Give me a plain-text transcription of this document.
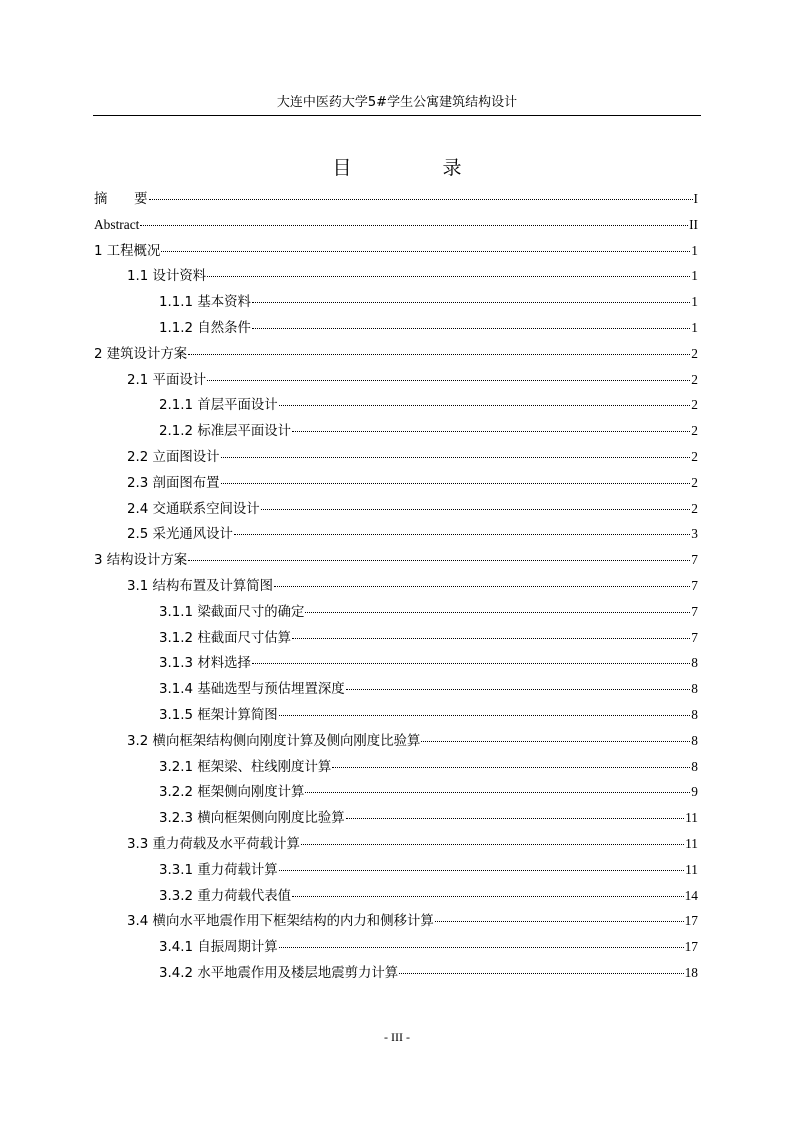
大连中医药大学5#学生公寓建筑结构设计
目　录
摘　　要	I
Abstract	II
1 工程概况	1
1.1 设计资料	1
1.1.1 基本资料	1
1.1.2 自然条件	1
2 建筑设计方案	2
2.1 平面设计	2
2.1.1 首层平面设计	2
2.1.2 标准层平面设计	2
2.2 立面图设计	2
2.3 剖面图布置	2
2.4 交通联系空间设计	2
2.5 采光通风设计	3
3 结构设计方案	7
3.1 结构布置及计算简图	7
3.1.1 梁截面尺寸的确定	7
3.1.2 柱截面尺寸估算	7
3.1.3 材料选择	8
3.1.4 基础选型与预估埋置深度	8
3.1.5 框架计算简图	8
3.2 横向框架结构侧向刚度计算及侧向刚度比验算	8
3.2.1 框架梁、柱线刚度计算	8
3.2.2 框架侧向刚度计算	9
3.2.3 横向框架侧向刚度比验算	11
3.3 重力荷载及水平荷载计算	11
3.3.1 重力荷载计算	11
3.3.2 重力荷载代表值	14
3.4 横向水平地震作用下框架结构的内力和侧移计算	17
3.4.1 自振周期计算	17
3.4.2 水平地震作用及楼层地震剪力计算	18
- III -
